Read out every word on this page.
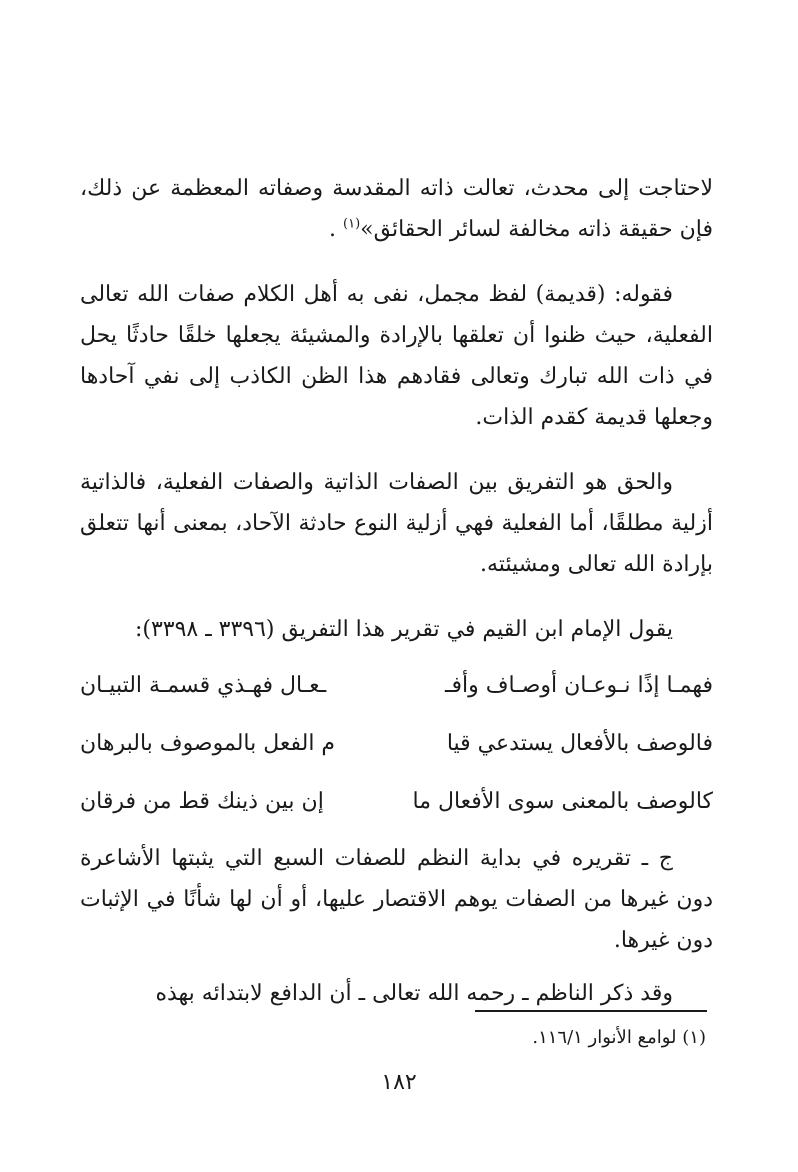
لاحتاجت إلى محدث، تعالت ذاته المقدسة وصفاته المعظمة عن ذلك، فإن حقيقة ذاته مخالفة لسائر الحقائق»$^{(١)}$ .

فقوله: (قديمة) لفظ مجمل، نفى به أهل الكلام صفات الله تعالى الفعلية، حيث ظنوا أن تعلقها بالإرادة والمشيئة يجعلها خلقًا حادثًا يحل في ذات الله تبارك وتعالى فقادهم هذا الظن الكاذب إلى نفي آحادها وجعلها قديمة كقدم الذات.

والحق هو التفريق بين الصفات الذاتية والصفات الفعلية، فالذاتية أزلية مطلقًا، أما الفعلية فهي أزلية النوع حادثة الآحاد، بمعنى أنها تتعلق بإرادة الله تعالى ومشيئته.

يقول الإمام ابن القيم في تقرير هذا التفريق (٣٣٩٦ ـ ٣٣٩٨):

فهمـا إذًا نـوعـان أوصـاف وأفـ
ـعـال فهـذي قسمـة التبيـان
فالوصف بالأفعال يستدعي قيا
م الفعل بالموصوف بالبرهان
كالوصف بالمعنى سوى الأفعال ما
إن بين ذينك قط من فرقان

ج ـ تقريره في بداية النظم للصفات السبع التي يثبتها الأشاعرة دون غيرها من الصفات يوهم الاقتصار عليها، أو أن لها شأنًا في الإثبات دون غيرها.

وقد ذكر الناظم ـ رحمه الله تعالى ـ أن الدافع لابتدائه بهذه

(١) لوامع الأنوار ١١٦/١.
١٨٢
